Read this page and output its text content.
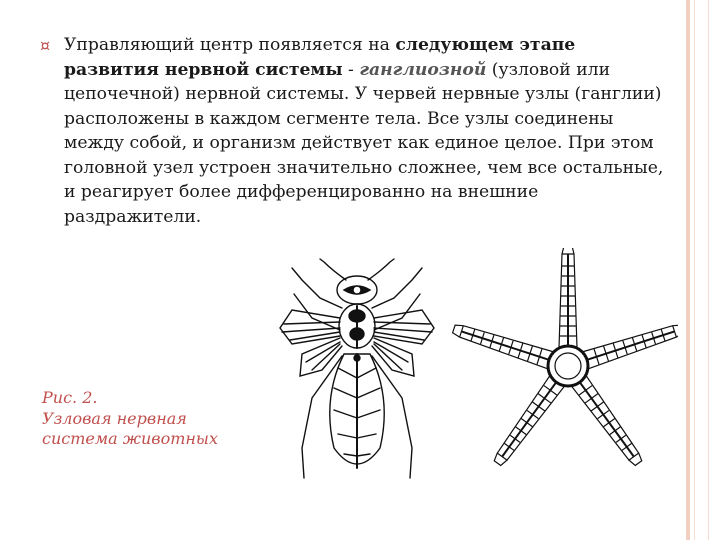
¤ Управляющий центр появляется на следующем этапе развития нервной системы - ганглиозной (узловой или цепочечной) нервной системы. У червей нервные узлы (ганглии) расположены в каждом сегменте тела. Все узлы соединены между собой, и организм действует как единое целое. При этом головной узел устроен значительно сложнее, чем все остальные, и реагирует более дифференцированно на внешние раздражители.

Рис. 2.
Узловая нервная
система животных
